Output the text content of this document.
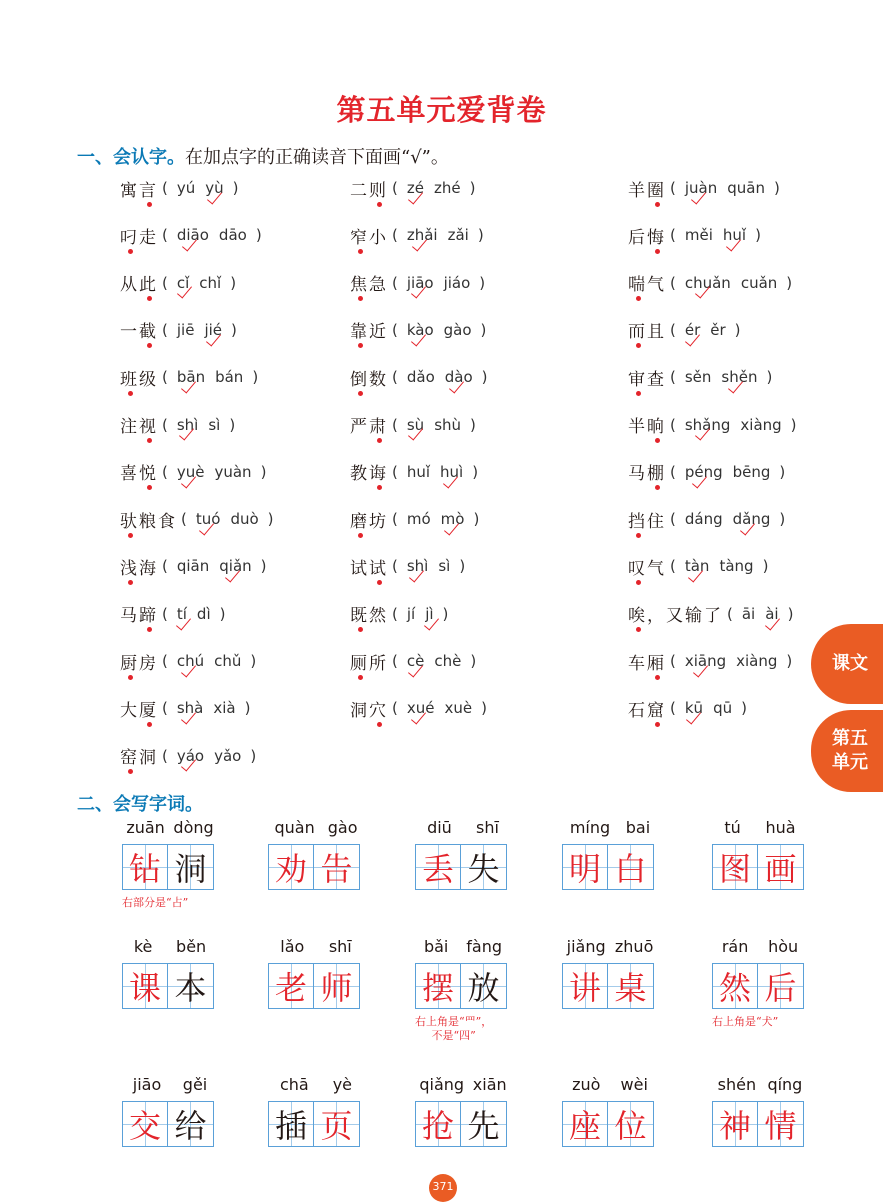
第五单元爱背卷
一、会认字。在加点字的正确读音下面画“√”。
寓言 ( yú yù )	二则 ( zé zhé )	羊圈 ( juàn quān )
叼走 ( diāo dāo )	窄小 ( zhǎi zǎi )	后悔 ( měi huǐ )
从此 ( cǐ chǐ )	焦急 ( jiāo jiáo )	喘气 ( chuǎn cuǎn )
一截 ( jiē jié )	靠近 ( kào gào )	而且 ( ér ěr )
班级 ( bān bán )	倒数 ( dǎo dào )	审查 ( sěn shěn )
注视 ( shì sì )	严肃 ( sù shù )	半晌 ( shǎng xiàng )
喜悦 ( yuè yuàn )	教诲 ( huǐ huì )	马棚 ( péng bēng )
驮粮食 ( tuó duò )	磨坊 ( mó mò )	挡住 ( dáng dǎng )
浅海 ( qiān qiǎn )	试试 ( shì sì )	叹气 ( tàn tàng )
马蹄 ( tí dì )	既然 ( jí jì )	唉，又输了 ( āi ài )
厨房 ( chú chǔ )	厕所 ( cè chè )	车厢 ( xiāng xiàng )
大厦 ( shà xià )	洞穴 ( xué xuè )	石窟 ( kū qū )
窑洞 ( yáo yǎo )
二、会写字词。
zuān dòng
钻 洞
右部分是“占”
quàn gào
劝 告
diū shī
丢 失
míng bai
明 白
tú huà
图 画
kè běn
课 本
lǎo shī
老 师
bǎi fàng
摆 放
右上角是“罒”，
不是“四”
jiǎng zhuō
讲 桌
rán hòu
然 后
右上角是“犬”
jiāo gěi
交 给
chā yè
插 页
qiǎng xiān
抢 先
zuò wèi
座 位
shén qíng
神 情
课文
第五
单元
371
